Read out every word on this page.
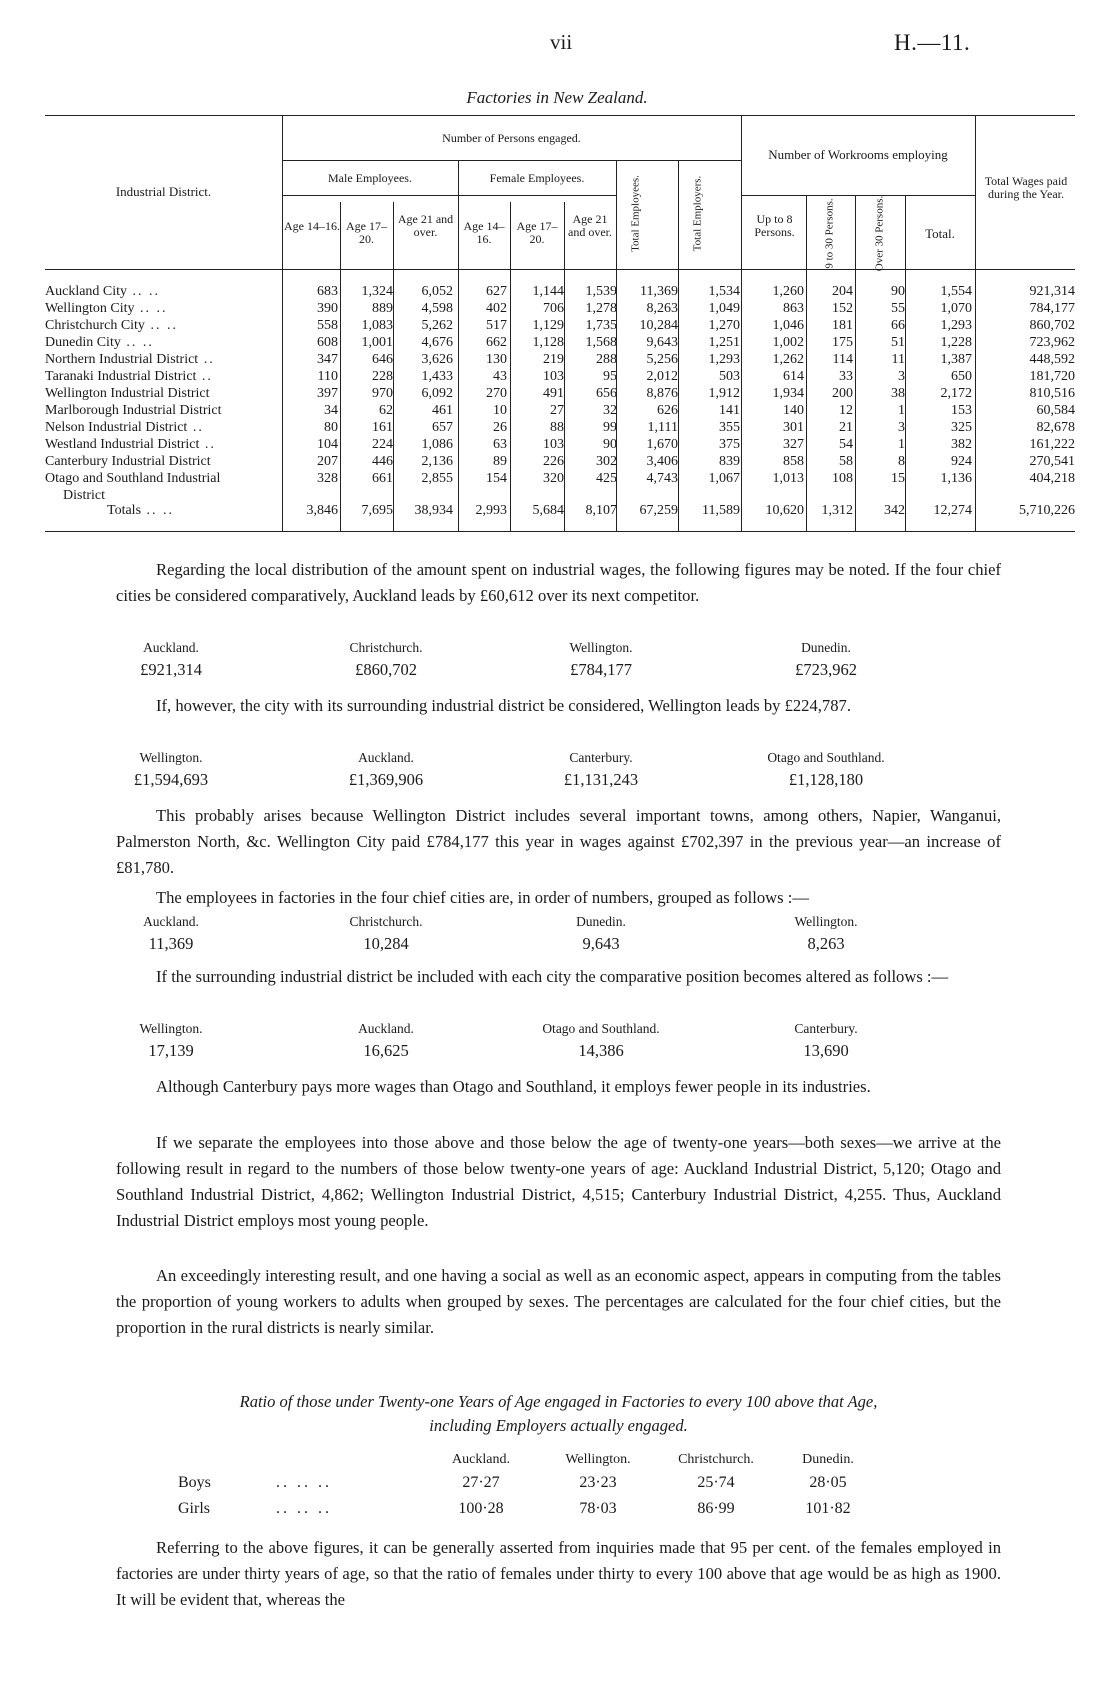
vii	H.—11.
Factories in New Zealand.
Industrial District.
Number of Persons engaged.
Male Employees.	Female Employees.
Age 14–16. Age 17–20.
Age 21 and over.	Age 14–16.
Age 17–20.
Age 21 and over.	Total Employees.	Total Employers.
Number of Workrooms employing
Up to 8 Persons.	9 to 30 Persons.	Over 30 Persons.	Total.
Total Wages paid during the Year.
Auckland City .. ..	683 1,324 6,052 627 1,144 1,539 11,369 1,534 1,260 204	90	1,554	921,314
Wellington City .. ..	390 889 4,598 402	706 1,278 8,263 1,049	863 152	55	1,070	784,177
Christchurch City .. ..	558 1,083 5,262 517 1,129 1,735 10,284 1,270 1,046 181	66	1,293	860,702
Dunedin City .. ..	608 1,001 4,676 662 1,128 1,568 9,643 1,251 1,002 175	51	1,228	723,962
Northern Industrial District ..	347 646 3,626 130	219 288 5,256 1,293 1,262 114	11	1,387	448,592
Taranaki Industrial District ..	110 228 1,433	43	103	95 2,012	503	614	33	3	650	181,720
Wellington Industrial District	397 970 6,092 270	491 656 8,876 1,912 1,934 200	38	2,172	810,516
Marlborough Industrial District	34	62	461	10	27	32	626	141	140	12	1	153	60,584
Nelson Industrial District ..	80 161	657	26	88	99 1,111	355	301	21	3	325	82,678
Westland Industrial District ..	104 224 1,086	63	103	90 1,670	375	327	54	1	382	161,222
Canterbury Industrial District	207 446 2,136	89	226 302 3,406	839	858	58	8	924	270,541
Otago and Southland Industrial	328 661 2,855 154	320 425 4,743 1,067 1,013 108	15	1,136	404,218
District
Totals .. ..	3,846 7,695 38,934 2,993 5,684 8,107 67,259 11,589 10,620 1,312 342 12,274	5,710,226
Regarding the local distribution of the amount spent on industrial wages, the following figures may be noted. If the four chief cities be considered comparatively, Auckland leads by £60,612 over its next competitor.
Auckland.
£921,314
Christchurch.
£860,702
Wellington.
£784,177
Dunedin.
£723,962
If, however, the city with its surrounding industrial district be considered, Wellington leads by £224,787.
Wellington.
£1,594,693
Auckland.
£1,369,906
Canterbury.
£1,131,243
Otago and Southland.
£1,128,180
This probably arises because Wellington District includes several important towns, among others, Napier, Wanganui, Palmerston North, &c. Wellington City paid £784,177 this year in wages against £702,397 in the previous year—an increase of £81,780.
The employees in factories in the four chief cities are, in order of numbers, grouped as follows :—
Auckland.
11,369
Christchurch.
10,284
Dunedin.
9,643
Wellington.
8,263
If the surrounding industrial district be included with each city the comparative position becomes altered as follows :—
Wellington.
17,139
Auckland.
16,625
Otago and Southland.
14,386
Canterbury.
13,690
Although Canterbury pays more wages than Otago and Southland, it employs fewer people in its industries.
If we separate the employees into those above and those below the age of twenty-one years—both sexes—we arrive at the following result in regard to the numbers of those below twenty-one years of age: Auckland Industrial District, 5,120; Otago and Southland Industrial District, 4,862; Wellington Industrial District, 4,515; Canterbury Industrial District, 4,255. Thus, Auckland Industrial District employs most young people.
An exceedingly interesting result, and one having a social as well as an economic aspect, appears in computing from the tables the proportion of young workers to adults when grouped by sexes. The percentages are calculated for the four chief cities, but the proportion in the rural districts is nearly similar.
Ratio of those under Twenty-one Years of Age engaged in Factories to every 100 above that Age,
including Employers actually engaged.
Auckland.	Wellington.	Christchurch.	Dunedin.
Boys	.. .. ..	27·27	23·23	25·74	28·05
Girls	.. .. ..	100·28	78·03	86·99	101·82
Referring to the above figures, it can be generally asserted from inquiries made that 95 per cent. of the females employed in factories are under thirty years of age, so that the ratio of females under thirty to every 100 above that age would be as high as 1900. It will be evident that, whereas the
